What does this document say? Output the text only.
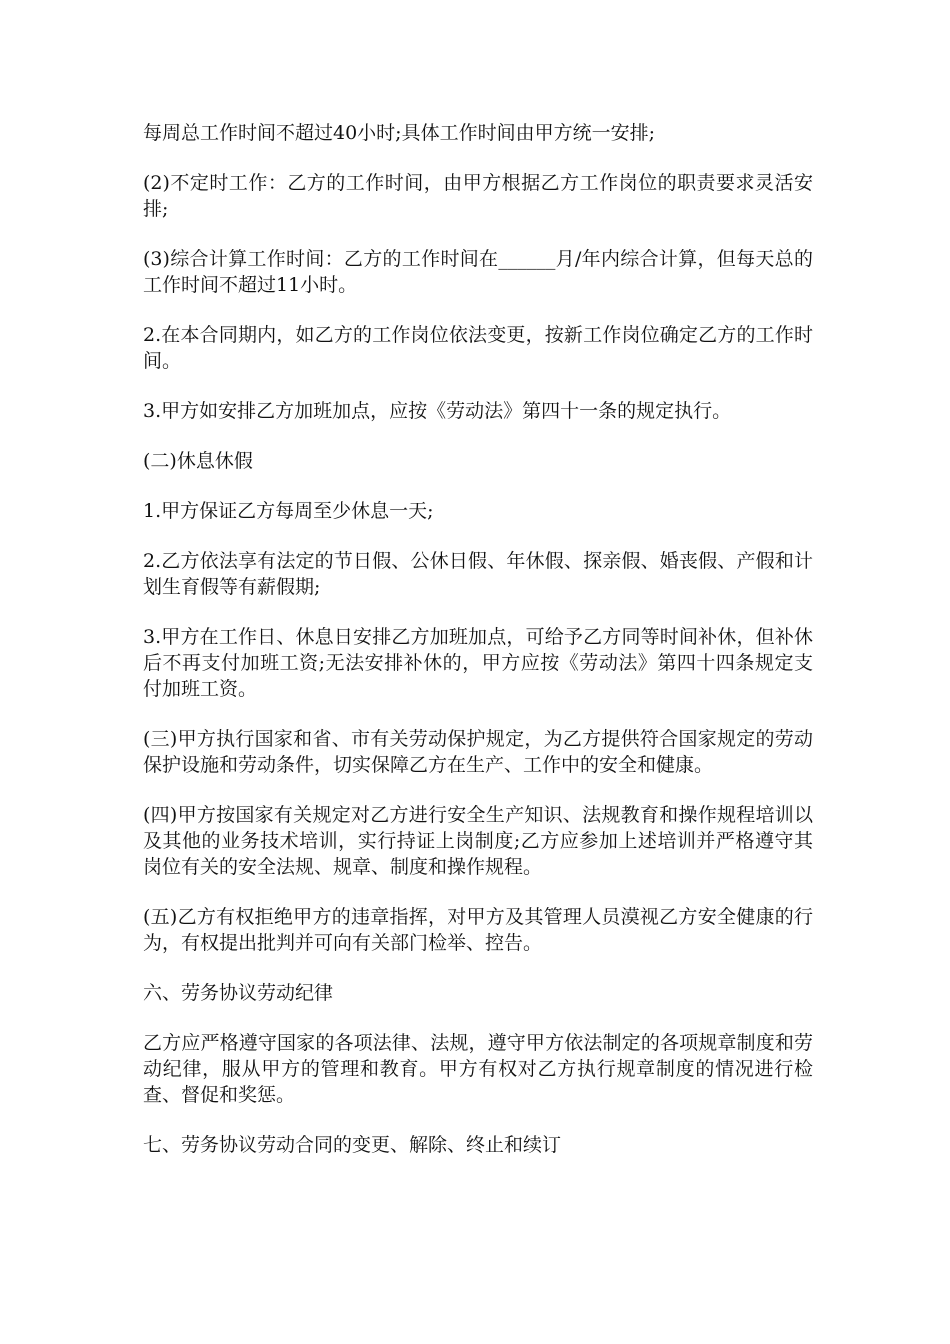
每周总工作时间不超过40小时;具体工作时间由甲方统一安排;

(2)不定时工作：乙方的工作时间，由甲方根据乙方工作岗位的职责要求灵活安排;

(3)综合计算工作时间：乙方的工作时间在______月/年内综合计算，但每天总的工作时间不超过11小时。

2.在本合同期内，如乙方的工作岗位依法变更，按新工作岗位确定乙方的工作时间。

3.甲方如安排乙方加班加点，应按《劳动法》第四十一条的规定执行。

(二)休息休假

1.甲方保证乙方每周至少休息一天;

2.乙方依法享有法定的节日假、公休日假、年休假、探亲假、婚丧假、产假和计划生育假等有薪假期;

3.甲方在工作日、休息日安排乙方加班加点，可给予乙方同等时间补休，但补休后不再支付加班工资;无法安排补休的，甲方应按《劳动法》第四十四条规定支付加班工资。

(三)甲方执行国家和省、市有关劳动保护规定，为乙方提供符合国家规定的劳动保护设施和劳动条件，切实保障乙方在生产、工作中的安全和健康。

(四)甲方按国家有关规定对乙方进行安全生产知识、法规教育和操作规程培训以及其他的业务技术培训，实行持证上岗制度;乙方应参加上述培训并严格遵守其岗位有关的安全法规、规章、制度和操作规程。

(五)乙方有权拒绝甲方的违章指挥，对甲方及其管理人员漠视乙方安全健康的行为，有权提出批判并可向有关部门检举、控告。

六、劳务协议劳动纪律

乙方应严格遵守国家的各项法律、法规，遵守甲方依法制定的各项规章制度和劳动纪律，服从甲方的管理和教育。甲方有权对乙方执行规章制度的情况进行检查、督促和奖惩。

七、劳务协议劳动合同的变更、解除、终止和续订
